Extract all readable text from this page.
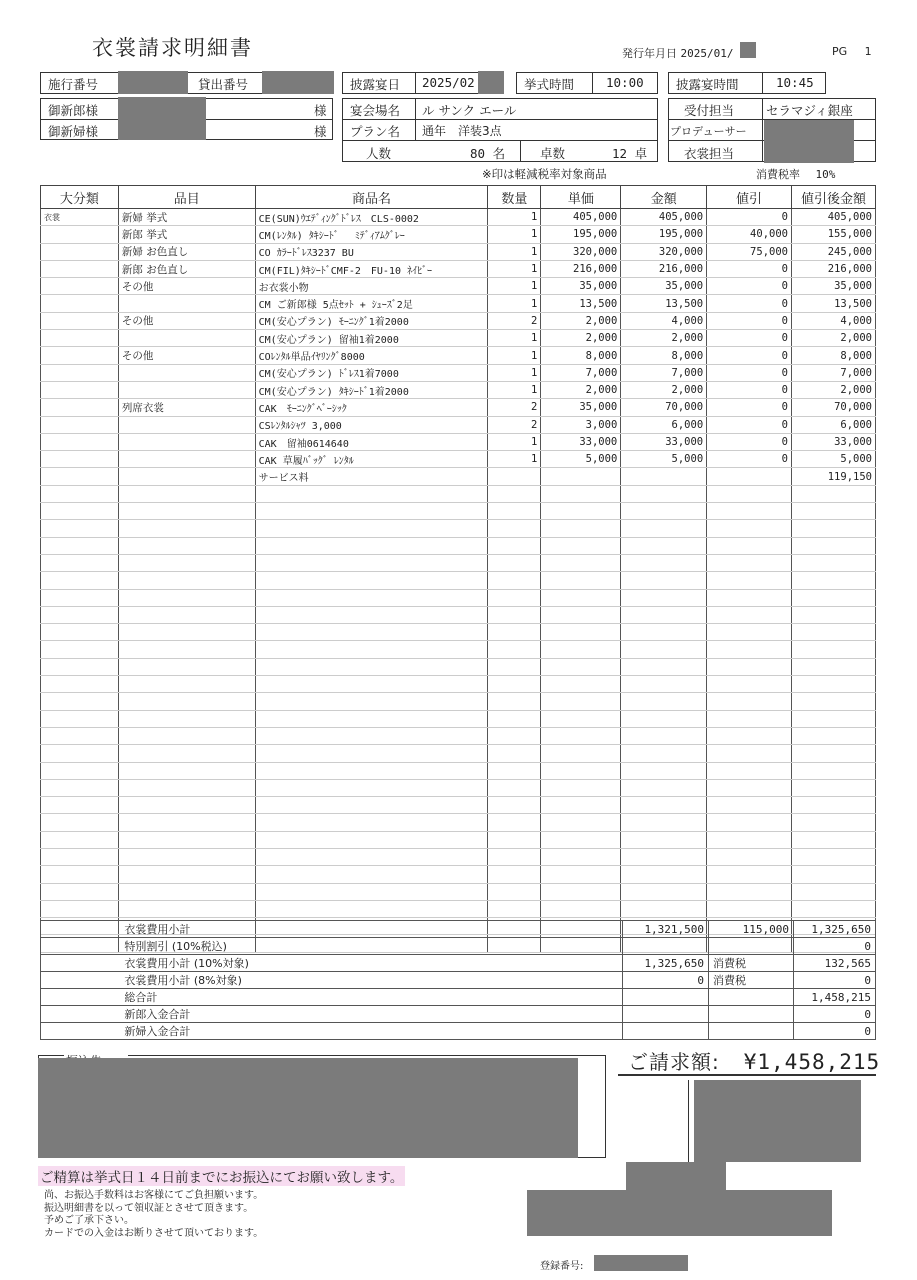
衣裳請求明細書	発行年月日 2025/01/	PG 1
施行番号	貸出番号	披露宴日 2025/02	挙式時間	10:00	披露宴時間	10:45
御新郎様	様
御新婦様	様
宴会場名 ル サンク エール
プラン名 通年　洋装3点
人数	80 名	卓数	12 卓
受付担当	セラマジィ銀座
プロデューサー
衣裳担当
※印は軽減税率対象商品	消費税率 10%
大分類	品目	商品名	数量	単価	金額	値引	値引後金額
衣裳	新婦 挙式	CE(SUN)ｳｴﾃﾞｨﾝｸﾞﾄﾞﾚｽ　CLS-0002	1	405,000	405,000	0	405,000
	新郎 挙式	CM(ﾚﾝﾀﾙ) ﾀｷｼｰﾄﾞ　 ﾐﾃﾞｨｱﾑｸﾞﾚｰ	1	195,000	195,000	40,000	155,000
	新婦 お色直し	CO ｶﾗｰﾄﾞﾚｽ3237 BU	1	320,000	320,000	75,000	245,000
	新郎 お色直し	CM(FIL)ﾀｷｼｰﾄﾞCMF-2　FU-10 ﾈｲﾋﾞｰ	1	216,000	216,000	0	216,000
	その他	お衣裳小物	1	35,000	35,000	0	35,000
		CM ご新郎様 5点ｾｯﾄ + ｼｭｰｽﾞ2足	1	13,500	13,500	0	13,500
	その他	CM(安心プラン) ﾓｰﾆﾝｸﾞ1着2000	2	2,000	4,000	0	4,000
		CM(安心プラン) 留袖1着2000	1	2,000	2,000	0	2,000
	その他	COﾚﾝﾀﾙ単品ｲﾔﾘﾝｸﾞ8000	1	8,000	8,000	0	8,000
		CM(安心プラン) ﾄﾞﾚｽ1着7000	1	7,000	7,000	0	7,000
		CM(安心プラン) ﾀｷｼｰﾄﾞ1着2000	1	2,000	2,000	0	2,000
	列席衣裳	CAK　ﾓｰﾆﾝｸﾞﾍﾞｰｼｯｸ	2	35,000	70,000	0	70,000
		CSﾚﾝﾀﾙｼｬﾂ 3,000	2	3,000	6,000	0	6,000
		CAK　留袖0614640	1	33,000	33,000	0	33,000
		CAK 草履ﾊﾞｯｸﾞ ﾚﾝﾀﾙ	1	5,000	5,000	0	5,000
		サービス料					119,150

	衣裳費用小計	1,321,500	115,000	1,325,650
	特別割引 (10%税込)			0
	衣裳費用小計 (10%対象)	1,325,650	消費税	132,565
	衣裳費用小計 (8%対象)	0	消費税	0
	総合計			1,458,215
	新郎入金合計			0
	新婦入金合計			0
ご請求額: ¥1,458,215
ご精算は挙式日１４日前までにお振込にてお願い致します。
尚、お振込手数料はお客様にてご負担願います。
振込明細書を以って領収証とさせて頂きます。
予めご了承下さい。
カードでの入金はお断りさせて頂いております。
登録番号:
